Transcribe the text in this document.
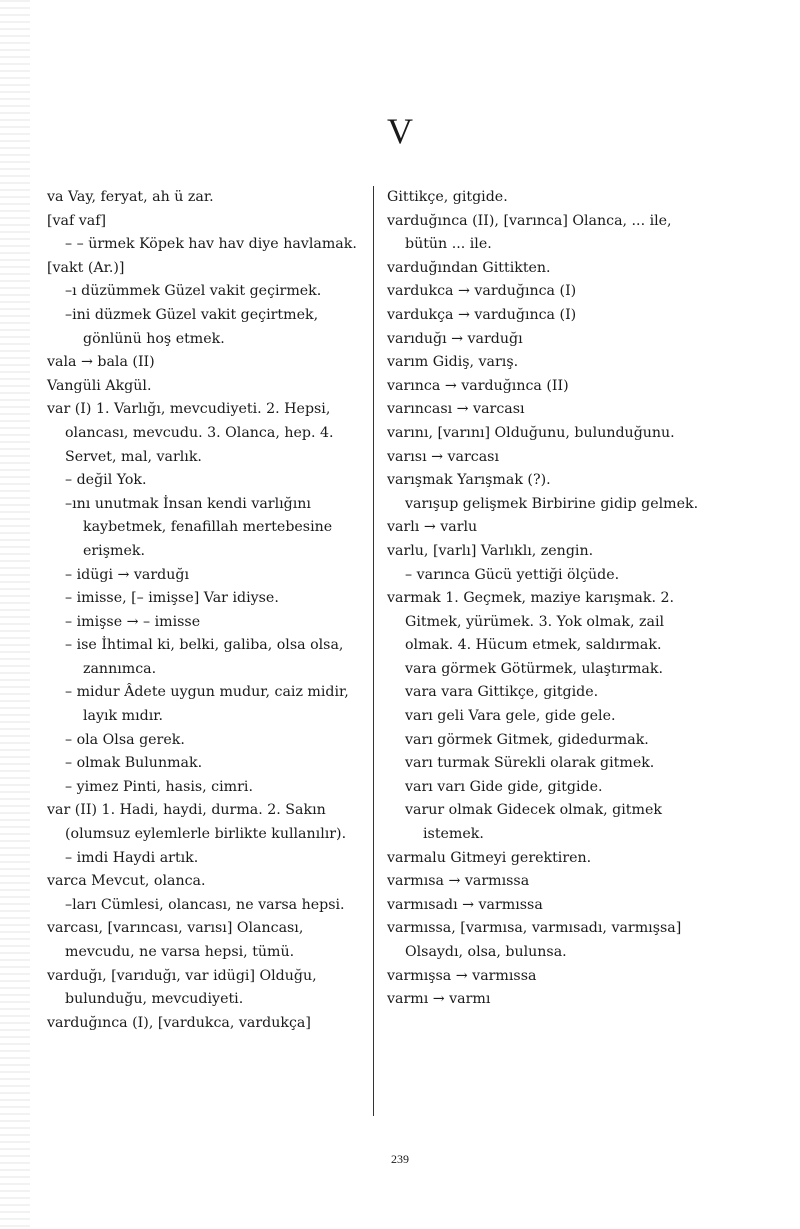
V

va Vay, feryat, ah ü zar.

[vaf vaf]

– – ürmek Köpek hav hav diye havlamak.

[vakt (Ar.)]

–ı düzümmek Güzel vakit geçirmek.

–ini düzmek Güzel vakit geçirtmek, gönlünü hoş etmek.

vala → bala (II)

Vangüli Akgül.

var (I) 1. Varlığı, mevcudiyeti. 2. Hepsi, olancası, mevcudu. 3. Olanca, hep. 4. Servet, mal, varlık.

– değil Yok.

–ını unutmak İnsan kendi varlığını kaybetmek, fenafillah mertebesine erişmek.

– idügi → varduğı

– imisse, [– imişse] Var idiyse.

– imişse → – imisse

– ise İhtimal ki, belki, galiba, olsa olsa, zannımca.

– midur Âdete uygun mudur, caiz midir, layık mıdır.

– ola Olsa gerek.

– olmak Bulunmak.

– yimez Pinti, hasis, cimri.

var (II) 1. Hadi, haydi, durma. 2. Sakın (olumsuz eylemlerle birlikte kullanılır).

– imdi Haydi artık.

varca Mevcut, olanca.

–ları Cümlesi, olancası, ne varsa hepsi.

varcası, [varıncası, varısı] Olancası, mevcudu, ne varsa hepsi, tümü.

varduğı, [varıduğı, var idügi] Olduğu, bulunduğu, mevcudiyeti.

varduğınca (I), [vardukca, vardukça]

Gittikçe, gitgide.

varduğınca (II), [varınca] Olanca, ... ile, bütün ... ile.

varduğından Gittikten.

vardukca → varduğınca (I)

vardukça → varduğınca (I)

varıduğı → varduğı

varım Gidiş, varış.

varınca → varduğınca (II)

varıncası → varcası

varını, [varını] Olduğunu, bulunduğunu.

varısı → varcası

varışmak Yarışmak (?).

varışup gelişmek Birbirine gidip gelmek.

varlı → varlu

varlu, [varlı] Varlıklı, zengin.

– varınca Gücü yettiği ölçüde.

varmak 1. Geçmek, maziye karışmak. 2. Gitmek, yürümek. 3. Yok olmak, zail olmak. 4. Hücum etmek, saldırmak.

vara görmek Götürmek, ulaştırmak.

vara vara Gittikçe, gitgide.

varı geli Vara gele, gide gele.

varı görmek Gitmek, gidedurmak.

varı turmak Sürekli olarak gitmek.

varı varı Gide gide, gitgide.

varur olmak Gidecek olmak, gitmek istemek.

varmalu Gitmeyi gerektiren.

varmısa → varmıssa

varmısadı → varmıssa

varmıssa, [varmısa, varmısadı, varmışsa] Olsaydı, olsa, bulunsa.

varmışsa → varmıssa

varmı → varmı

239
